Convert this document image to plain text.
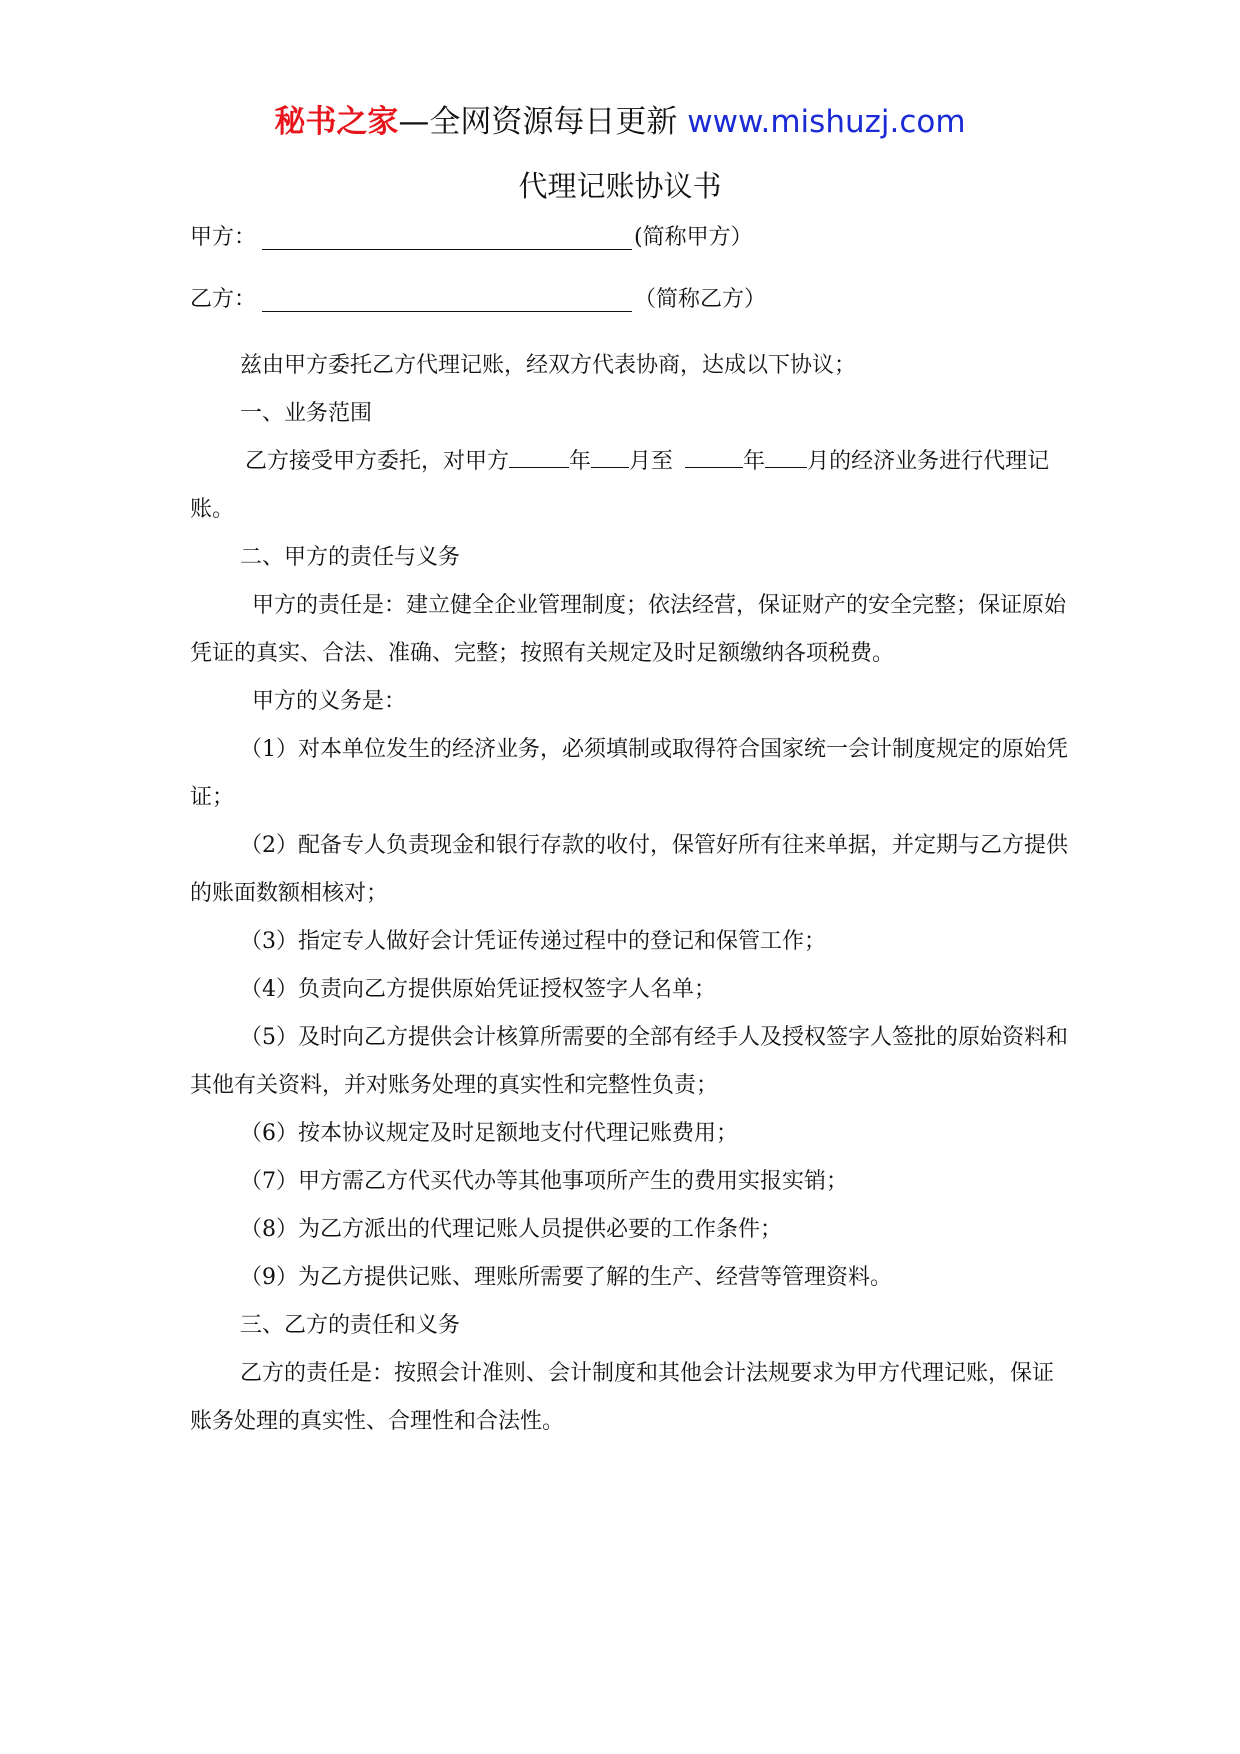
秘书之家—全网资源每日更新 www.mishuzj.com
代理记账协议书
甲方：	(简称甲方）
乙方：	（简称乙方）

兹由甲方委托乙方代理记账，经双方代表协商，达成以下协议；

一、业务范围

乙方接受甲方委托，对甲方	年 月至	年 月的经济业务进行代理记账。

二、甲方的责任与义务

甲方的责任是：建立健全企业管理制度；依法经营，保证财产的安全完整；保证原始凭证的真实、合法、准确、完整；按照有关规定及时足额缴纳各项税费。

甲方的义务是：

（1）对本单位发生的经济业务，必须填制或取得符合国家统一会计制度规定的原始凭证；

（2）配备专人负责现金和银行存款的收付，保管好所有往来单据，并定期与乙方提供的账面数额相核对；

（3）指定专人做好会计凭证传递过程中的登记和保管工作；

（4）负责向乙方提供原始凭证授权签字人名单；

（5）及时向乙方提供会计核算所需要的全部有经手人及授权签字人签批的原始资料和其他有关资料，并对账务处理的真实性和完整性负责；

（6）按本协议规定及时足额地支付代理记账费用；

（7）甲方需乙方代买代办等其他事项所产生的费用实报实销；

（8）为乙方派出的代理记账人员提供必要的工作条件；

（9）为乙方提供记账、理账所需要了解的生产、经营等管理资料。

三、乙方的责任和义务

乙方的责任是：按照会计准则、会计制度和其他会计法规要求为甲方代理记账，保证账务处理的真实性、合理性和合法性。
